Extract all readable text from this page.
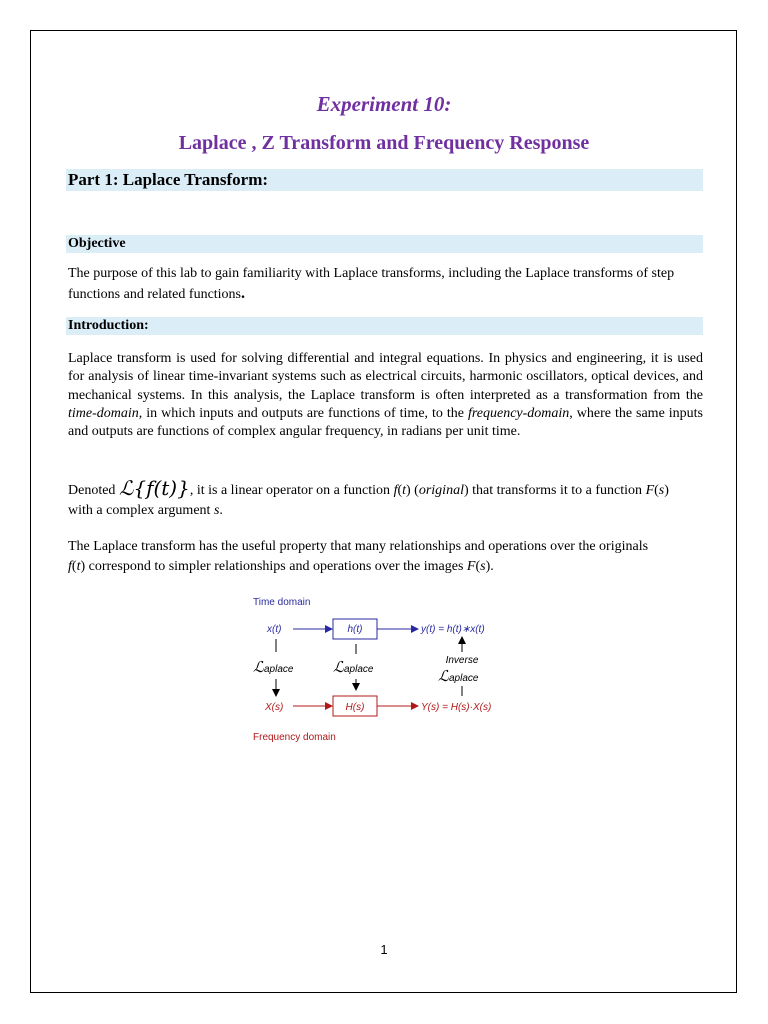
Experiment 10:
Laplace , Z Transform and Frequency Response
Part 1: Laplace Transform:
Objective
The purpose of this lab to gain familiarity with Laplace transforms, including the Laplace transforms of step functions and related functions.
Introduction:
Laplace transform is used for solving differential and integral equations. In physics and engineering, it is used for analysis of linear time-invariant systems such as electrical circuits, harmonic oscillators, optical devices, and mechanical systems. In this analysis, the Laplace transform is often interpreted as a transformation from the time-domain, in which inputs and outputs are functions of time, to the frequency-domain, where the same inputs and outputs are functions of complex angular frequency, in radians per unit time.
Denoted ℒ{f(t)}, it is a linear operator on a function f(t) (original) that transforms it to a function F(s)
with a complex argument s.
The Laplace transform has the useful property that many relationships and operations over the originals
f(t) correspond to simpler relationships and operations over the images F(s).
Time domain
x(t)	h(t)	y(t) = h(t)∗x(t)
ℒ aplace	ℒ aplace
Inverse
ℒ aplace
X(s)	H(s)	Y(s) = H(s)·X(s)
Frequency domain
1
